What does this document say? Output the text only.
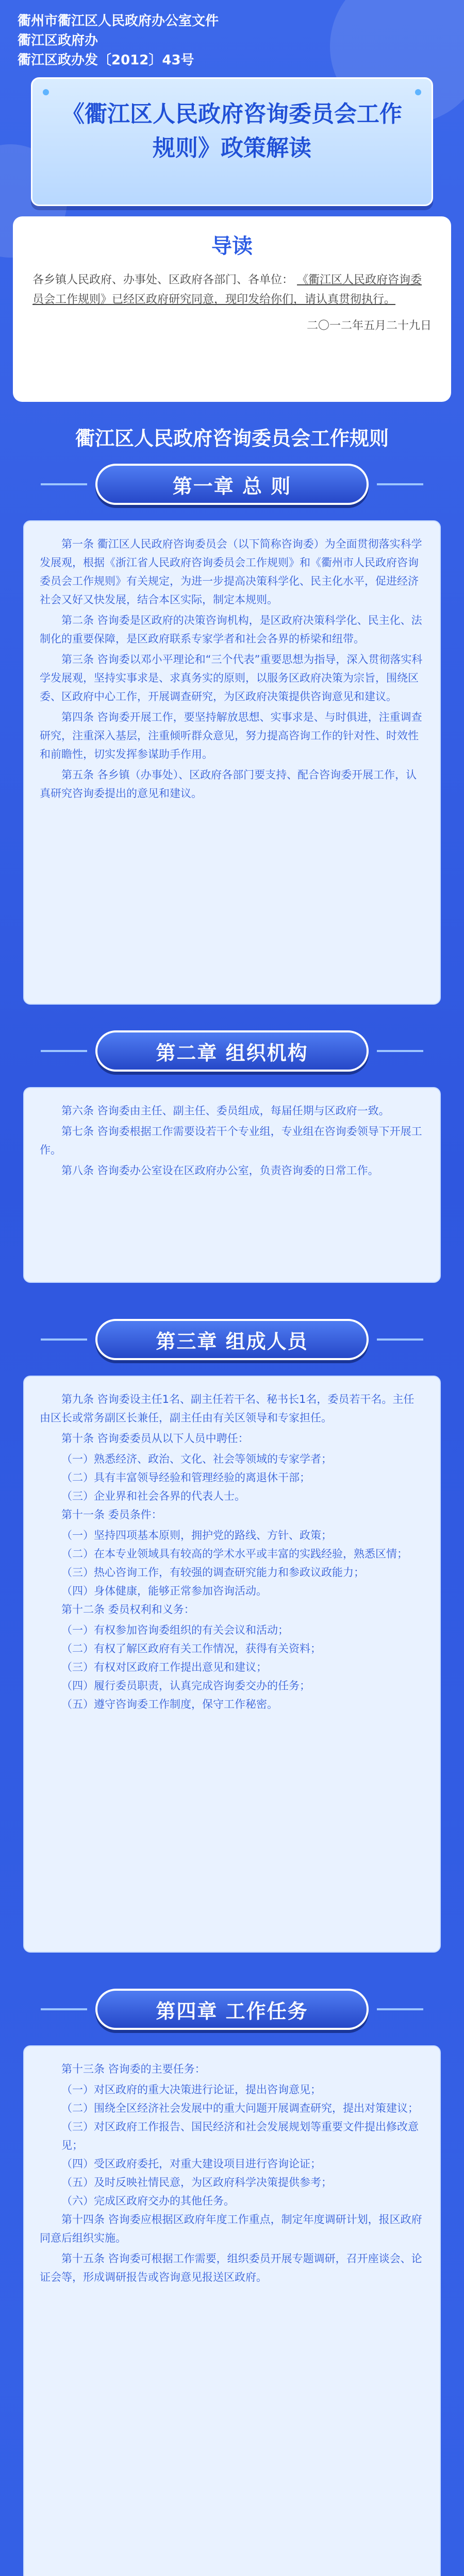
衢州市衢江区人民政府办公室文件
衢江区政府办
衢江区政办发〔2012〕43号
《衢江区人民政府咨询委员会工作规则》政策解读
导读
各乡镇人民政府、办事处、区政府各部门、各单位： 《衢江区人民政府咨询委员会工作规则》已经区政府研究同意，现印发给你们，请认真贯彻执行。
二〇一二年五月二十九日
衢江区人民政府咨询委员会工作规则
第一章 总 则

第一条 衢江区人民政府咨询委员会（以下简称咨询委）为全面贯彻落实科学发展观，根据《浙江省人民政府咨询委员会工作规则》和《衢州市人民政府咨询委员会工作规则》有关规定，为进一步提高决策科学化、民主化水平，促进经济社会又好又快发展，结合本区实际，制定本规则。

第二条 咨询委是区政府的决策咨询机构，是区政府决策科学化、民主化、法制化的重要保障，是区政府联系专家学者和社会各界的桥梁和纽带。

第三条 咨询委以邓小平理论和“三个代表”重要思想为指导，深入贯彻落实科学发展观，坚持实事求是、求真务实的原则，以服务区政府决策为宗旨，围绕区委、区政府中心工作，开展调查研究，为区政府决策提供咨询意见和建议。

第四条 咨询委开展工作，要坚持解放思想、实事求是、与时俱进，注重调查研究，注重深入基层，注重倾听群众意见，努力提高咨询工作的针对性、时效性和前瞻性，切实发挥参谋助手作用。

第五条 各乡镇（办事处）、区政府各部门要支持、配合咨询委开展工作，认真研究咨询委提出的意见和建议。

第二章 组织机构

第六条 咨询委由主任、副主任、委员组成，每届任期与区政府一致。

第七条 咨询委根据工作需要设若干个专业组，专业组在咨询委领导下开展工作。

第八条 咨询委办公室设在区政府办公室，负责咨询委的日常工作。

第三章 组成人员

第九条 咨询委设主任1名、副主任若干名、秘书长1名，委员若干名。主任由区长或常务副区长兼任，副主任由有关区领导和专家担任。

第十条 咨询委委员从以下人员中聘任：

（一）熟悉经济、政治、文化、社会等领域的专家学者；
（二）具有丰富领导经验和管理经验的离退休干部；
（三）企业界和社会各界的代表人士。

第十一条 委员条件：

（一）坚持四项基本原则，拥护党的路线、方针、政策；
（二）在本专业领域具有较高的学术水平或丰富的实践经验，熟悉区情；
（三）热心咨询工作，有较强的调查研究能力和参政议政能力；
（四）身体健康，能够正常参加咨询活动。

第十二条 委员权利和义务：

（一）有权参加咨询委组织的有关会议和活动；
（二）有权了解区政府有关工作情况，获得有关资料；
（三）有权对区政府工作提出意见和建议；
（四）履行委员职责，认真完成咨询委交办的任务；
（五）遵守咨询委工作制度，保守工作秘密。
第四章 工作任务

第十三条 咨询委的主要任务：

（一）对区政府的重大决策进行论证，提出咨询意见；
（二）围绕全区经济社会发展中的重大问题开展调查研究，提出对策建议；
（三）对区政府工作报告、国民经济和社会发展规划等重要文件提出修改意见；
（四）受区政府委托，对重大建设项目进行咨询论证；
（五）及时反映社情民意，为区政府科学决策提供参考；
（六）完成区政府交办的其他任务。

第十四条 咨询委应根据区政府年度工作重点，制定年度调研计划，报区政府同意后组织实施。

第十五条 咨询委可根据工作需要，组织委员开展专题调研，召开座谈会、论证会等，形成调研报告或咨询意见报送区政府。
